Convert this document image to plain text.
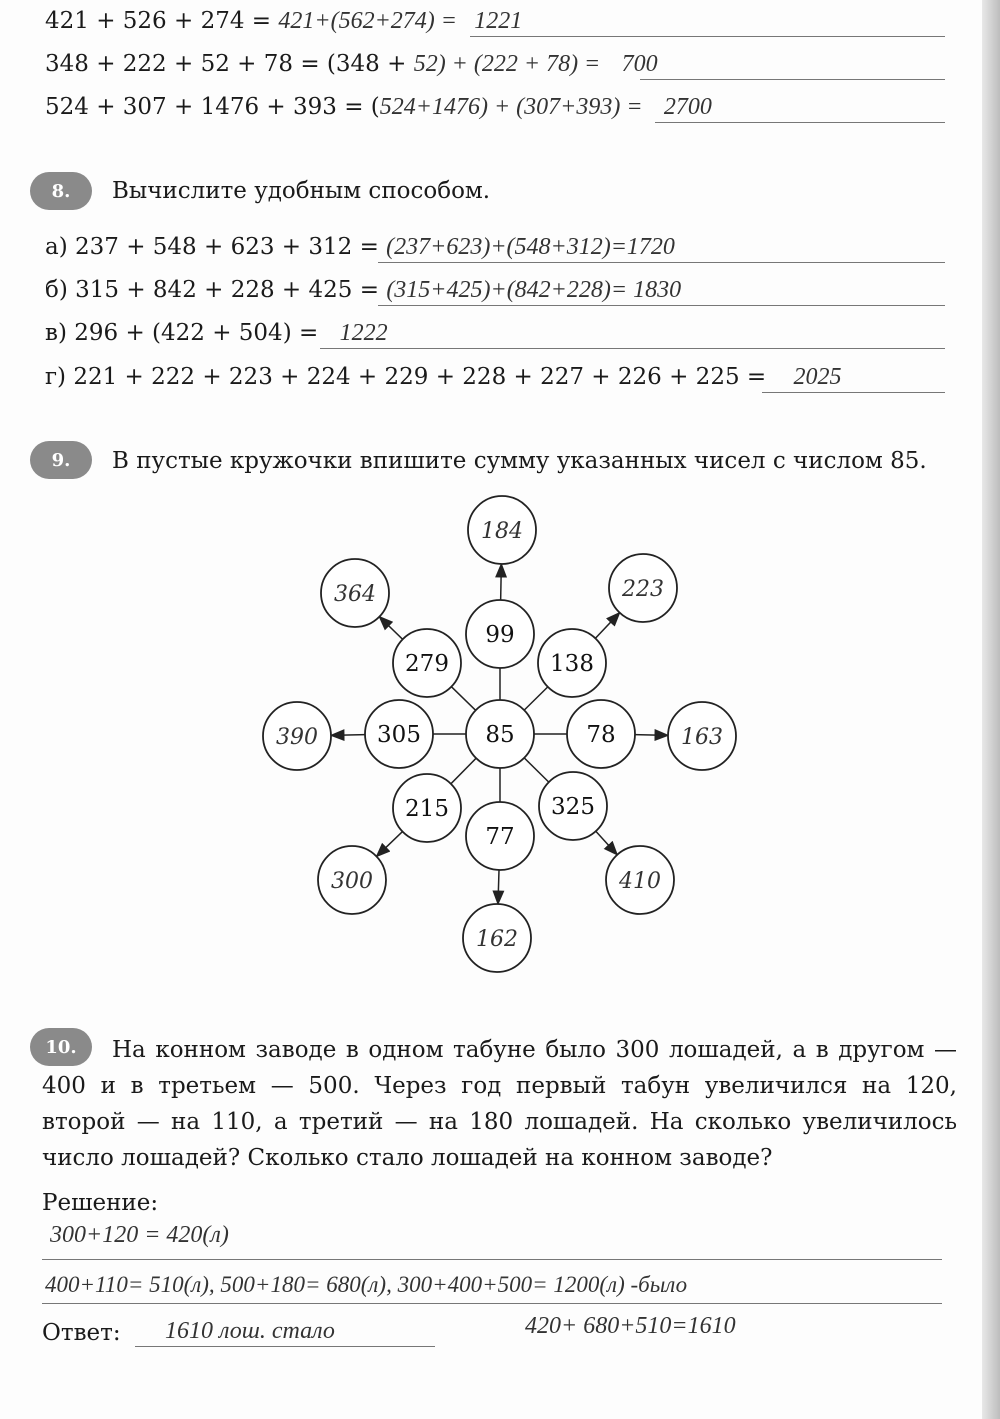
421 + 526 + 274 = 421+(562+274) = 1221
348 + 222 + 52 + 78 = (348 + 52) + (222 + 78) = 700
524 + 307 + 1476 + 393 = (524+1476) + (307+393) = 2700
8.	Вычислите удобным способом.
а) 237 + 548 + 623 + 312 = (237+623)+(548+312)=1720
б) 315 + 842 + 228 + 425 = (315+425)+(842+228)= 1830
в) 296 + (422 + 504) = 1222
г) 221 + 222 + 223 + 224 + 229 + 228 + 227 + 226 + 225 = 2025
9.	В пустые кружочки впишите сумму указанных чисел с числом 85.
85
99
138
78
325
77
215
305
279
184
223
163
410
162
300
390
364
10.	На конном заводе в одном табуне было 300 лошадей, а в другом — 400 и в третьем — 500. Через год первый табун увеличился на 120, второй — на 110, а третий — на 180 лошадей. На сколько увеличилось число лошадей? Сколько стало лошадей на конном заводе?
Решение:
300+120 = 420(л)
400+110= 510(л), 500+180= 680(л), 300+400+500= 1200(л) -было
420+ 680+510=1610
Ответ: 1610 лош. стало
